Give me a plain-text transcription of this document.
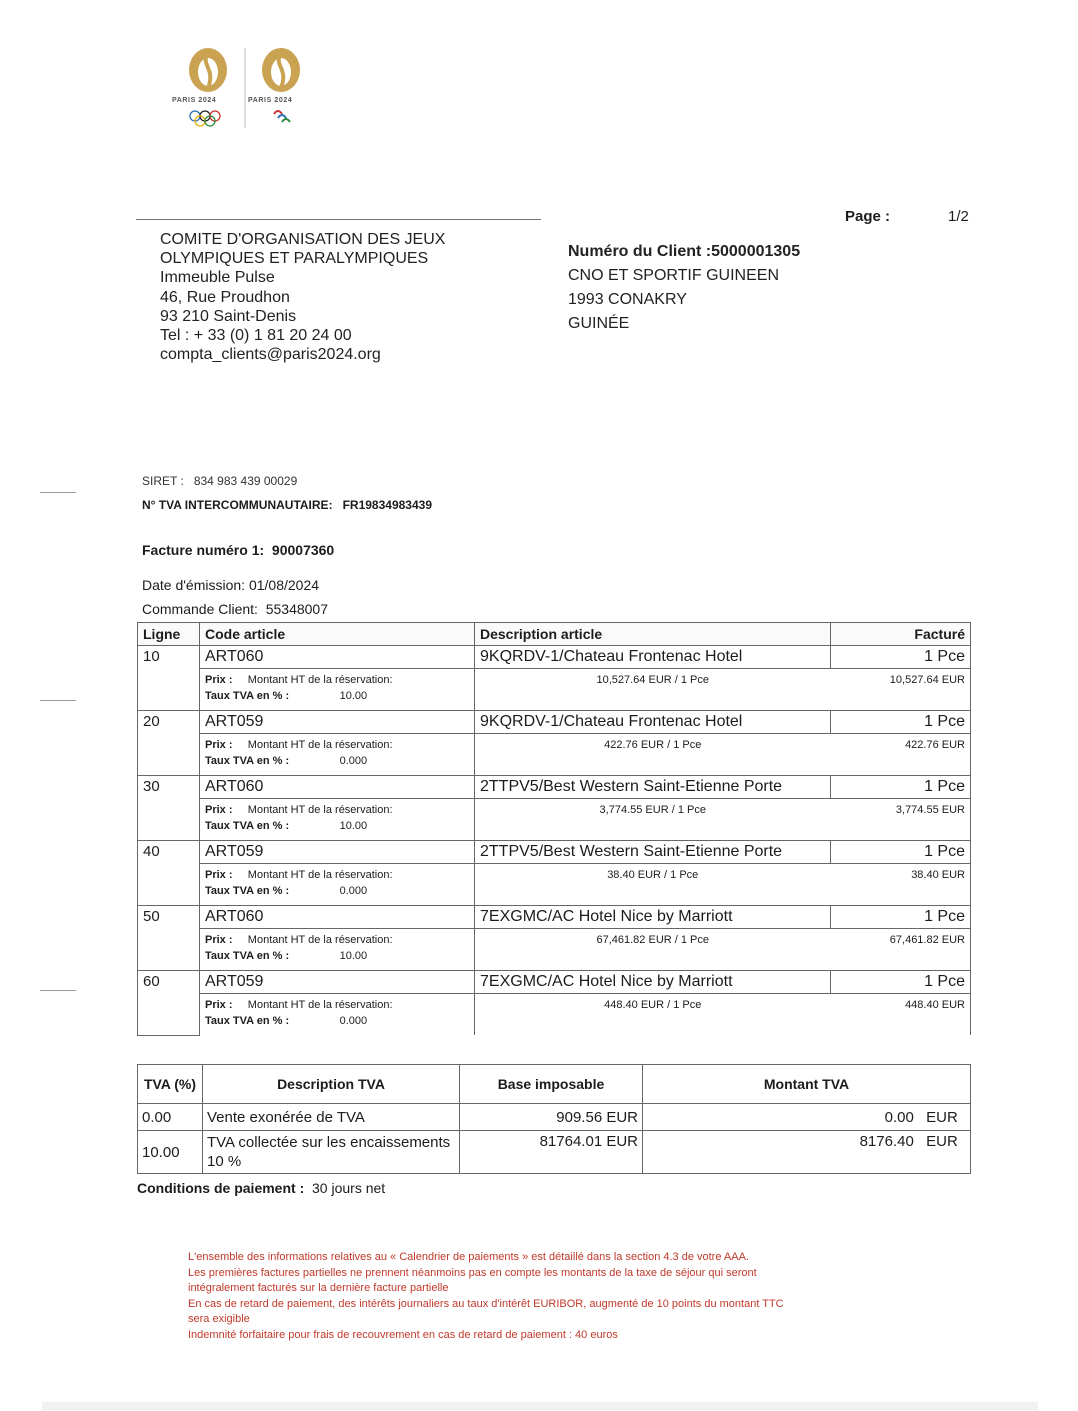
PARIS 2024	PARIS 2024
Page :	1/2
COMITE D'ORGANISATION DES JEUX
OLYMPIQUES ET PARALYMPIQUES
Immeuble Pulse
46, Rue Proudhon
93 210 Saint-Denis
Tel : + 33 (0) 1 81 20 24 00
compta_clients@paris2024.org
Numéro du Client :5000001305
CNO ET SPORTIF GUINEEN
1993 CONAKRY
GUINÉE
SIRET : 834 983 439 00029
N° TVA INTERCOMMUNAUTAIRE: FR19834983439
Facture numéro 1: 90007360
Date d'émission: 01/08/2024
Commande Client: 55348007
Ligne	Code article	Description article	Facturé
10	ART060	9KQRDV-1/Chateau Frontenac Hotel	1 Pce

	Prix : Montant HT de la réservation:
Taux TVA en % : 10.00	10,527.64 EUR / 1 Pce	10,527.64 EUR
20	ART059	9KQRDV-1/Chateau Frontenac Hotel	1 Pce

	Prix : Montant HT de la réservation:
Taux TVA en % : 0.000	422.76 EUR / 1 Pce	422.76 EUR
30	ART060	2TTPV5/Best Western Saint-Etienne Porte	1 Pce

	Prix : Montant HT de la réservation:
Taux TVA en % : 10.00	3,774.55 EUR / 1 Pce	3,774.55 EUR
40	ART059	2TTPV5/Best Western Saint-Etienne Porte	1 Pce

	Prix : Montant HT de la réservation:
Taux TVA en % : 0.000	38.40 EUR / 1 Pce	38.40 EUR
50	ART060	7EXGMC/AC Hotel Nice by Marriott	1 Pce

	Prix : Montant HT de la réservation:
Taux TVA en % : 10.00	67,461.82 EUR / 1 Pce	67,461.82 EUR
60	ART059	7EXGMC/AC Hotel Nice by Marriott	1 Pce

	Prix : Montant HT de la réservation:
Taux TVA en % : 0.000	448.40 EUR / 1 Pce	448.40 EUR
TVA (%)	Description TVA	Base imposable	Montant TVA
0.00	Vente exonérée de TVA	909.56 EUR	0.00 EUR
10.00	TVA collectée sur les encaissements 10 %	81764.01 EUR	8176.40 EUR
Conditions de paiement : 30 jours net
L'ensemble des informations relatives au « Calendrier de paiements » est détaillé dans la section 4.3 de votre AAA.
Les premières factures partielles ne prennent néanmoins pas en compte les montants de la taxe de séjour qui seront
intégralement facturés sur la dernière facture partielle
En cas de retard de paiement, des intérêts journaliers au taux d'intérêt EURIBOR, augmenté de 10 points du montant TTC
sera exigible
Indemnité forfaitaire pour frais de recouvrement en cas de retard de paiement : 40 euros
